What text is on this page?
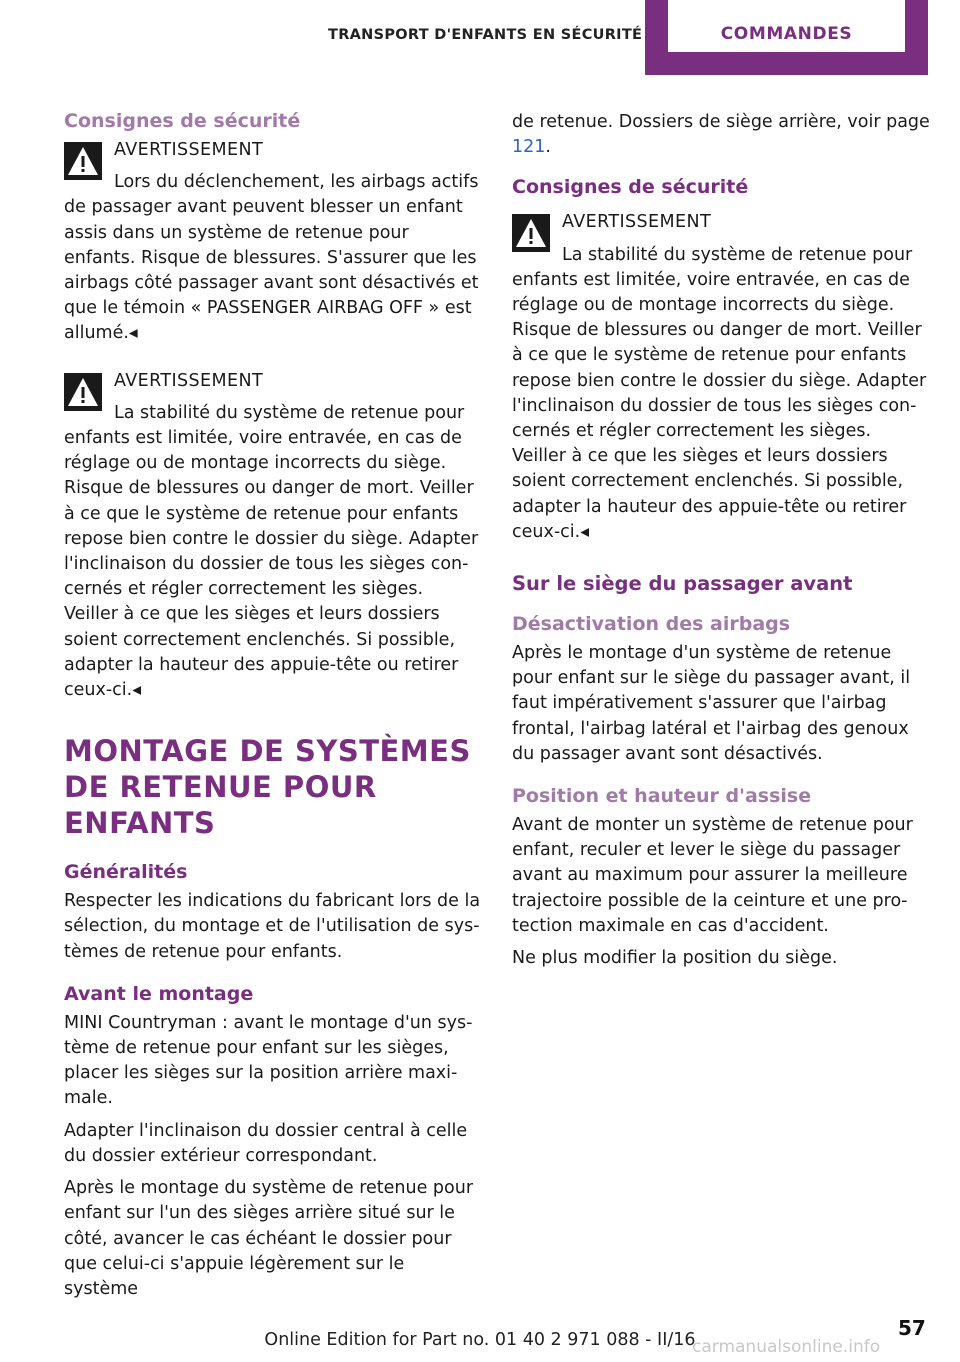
TRANSPORT D'ENFANTS EN SÉCURITÉ	COMMANDES
Consignes de sécurité
AVERTISSEMENT
Lors du déclenchement, les airbags actifs de passager avant peuvent blesser un enfant assis dans un système de retenue pour enfants. Risque de blessures. S'assurer que les airbags côté passager avant sont désactivés et que le témoin « PASSENGER AIRBAG OFF » est allumé.◂
AVERTISSEMENT
La stabilité du système de retenue pour enfants est limitée, voire entravée, en cas de réglage ou de montage incorrects du siège. Risque de blessures ou danger de mort. Veiller à ce que le système de retenue pour enfants repose bien contre le dossier du siège. Adapter l'inclinaison du dossier de tous les sièges concernés et régler correctement les sièges. Veiller à ce que les sièges et leurs dossiers soient correctement enclenchés. Si possible, adapter la hauteur des appuie-tête ou retirer ceux-ci.◂
MONTAGE DE SYSTÈMES DE RETENUE POUR ENFANTS
Généralités

Respecter les indications du fabricant lors de la sélection, du montage et de l'utilisation de systèmes de retenue pour enfants.

Avant le montage

MINI Countryman : avant le montage d'un système de retenue pour enfant sur les sièges, placer les sièges sur la position arrière maximale.

Adapter l'inclinaison du dossier central à celle du dossier extérieur correspondant.

Après le montage du système de retenue pour enfant sur l'un des sièges arrière situé sur le côté, avancer le cas échéant le dossier pour que celui-ci s'appuie légèrement sur le système

de retenue. Dossiers de siège arrière, voir page 121.

Consignes de sécurité
AVERTISSEMENT
La stabilité du système de retenue pour enfants est limitée, voire entravée, en cas de réglage ou de montage incorrects du siège. Risque de blessures ou danger de mort. Veiller à ce que le système de retenue pour enfants repose bien contre le dossier du siège. Adapter l'inclinaison du dossier de tous les sièges concernés et régler correctement les sièges. Veiller à ce que les sièges et leurs dossiers soient correctement enclenchés. Si possible, adapter la hauteur des appuie-tête ou retirer ceux-ci.◂
Sur le siège du passager avant
Désactivation des airbags

Après le montage d'un système de retenue pour enfant sur le siège du passager avant, il faut impérativement s'assurer que l'airbag frontal, l'airbag latéral et l'airbag des genoux du passager avant sont désactivés.

Position et hauteur d'assise

Avant de monter un système de retenue pour enfant, reculer et lever le siège du passager avant au maximum pour assurer la meilleure trajectoire possible de la ceinture et une protection maximale en cas d'accident.

Ne plus modifier la position du siège.

57
Online Edition for Part no. 01 40 2 971 088 - II/16
carmanualsonline.info
